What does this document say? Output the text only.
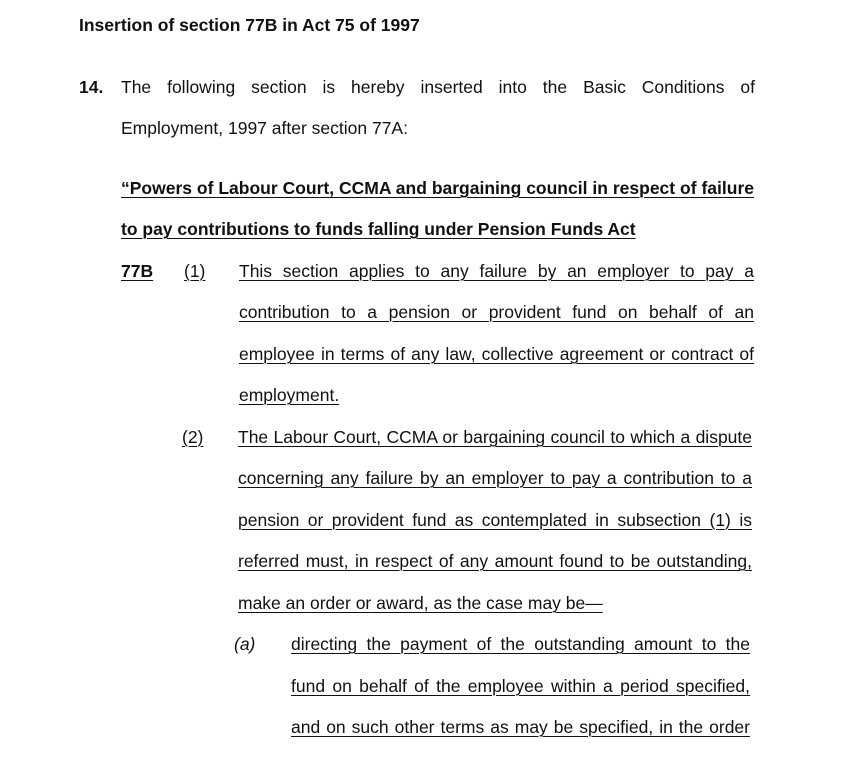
Insertion of section 77B in Act 75 of 1997
14. The following section is hereby inserted into the Basic Conditions of
Employment, 1997 after section 77A:
“Powers of Labour Court, CCMA and bargaining council in respect of failure
to pay contributions to funds falling under Pension Funds Act
77B (1) This section applies to any failure by an employer to pay a
contribution to a pension or provident fund on behalf of an
employee in terms of any law, collective agreement or contract of
employment.
(2) The Labour Court, CCMA or bargaining council to which a dispute
concerning any failure by an employer to pay a contribution to a
pension or provident fund as contemplated in subsection (1) is
referred must, in respect of any amount found to be outstanding,
make an order or award, as the case may be—
(a) directing the payment of the outstanding amount to the
fund on behalf of the employee within a period specified,
and on such other terms as may be specified, in the order
